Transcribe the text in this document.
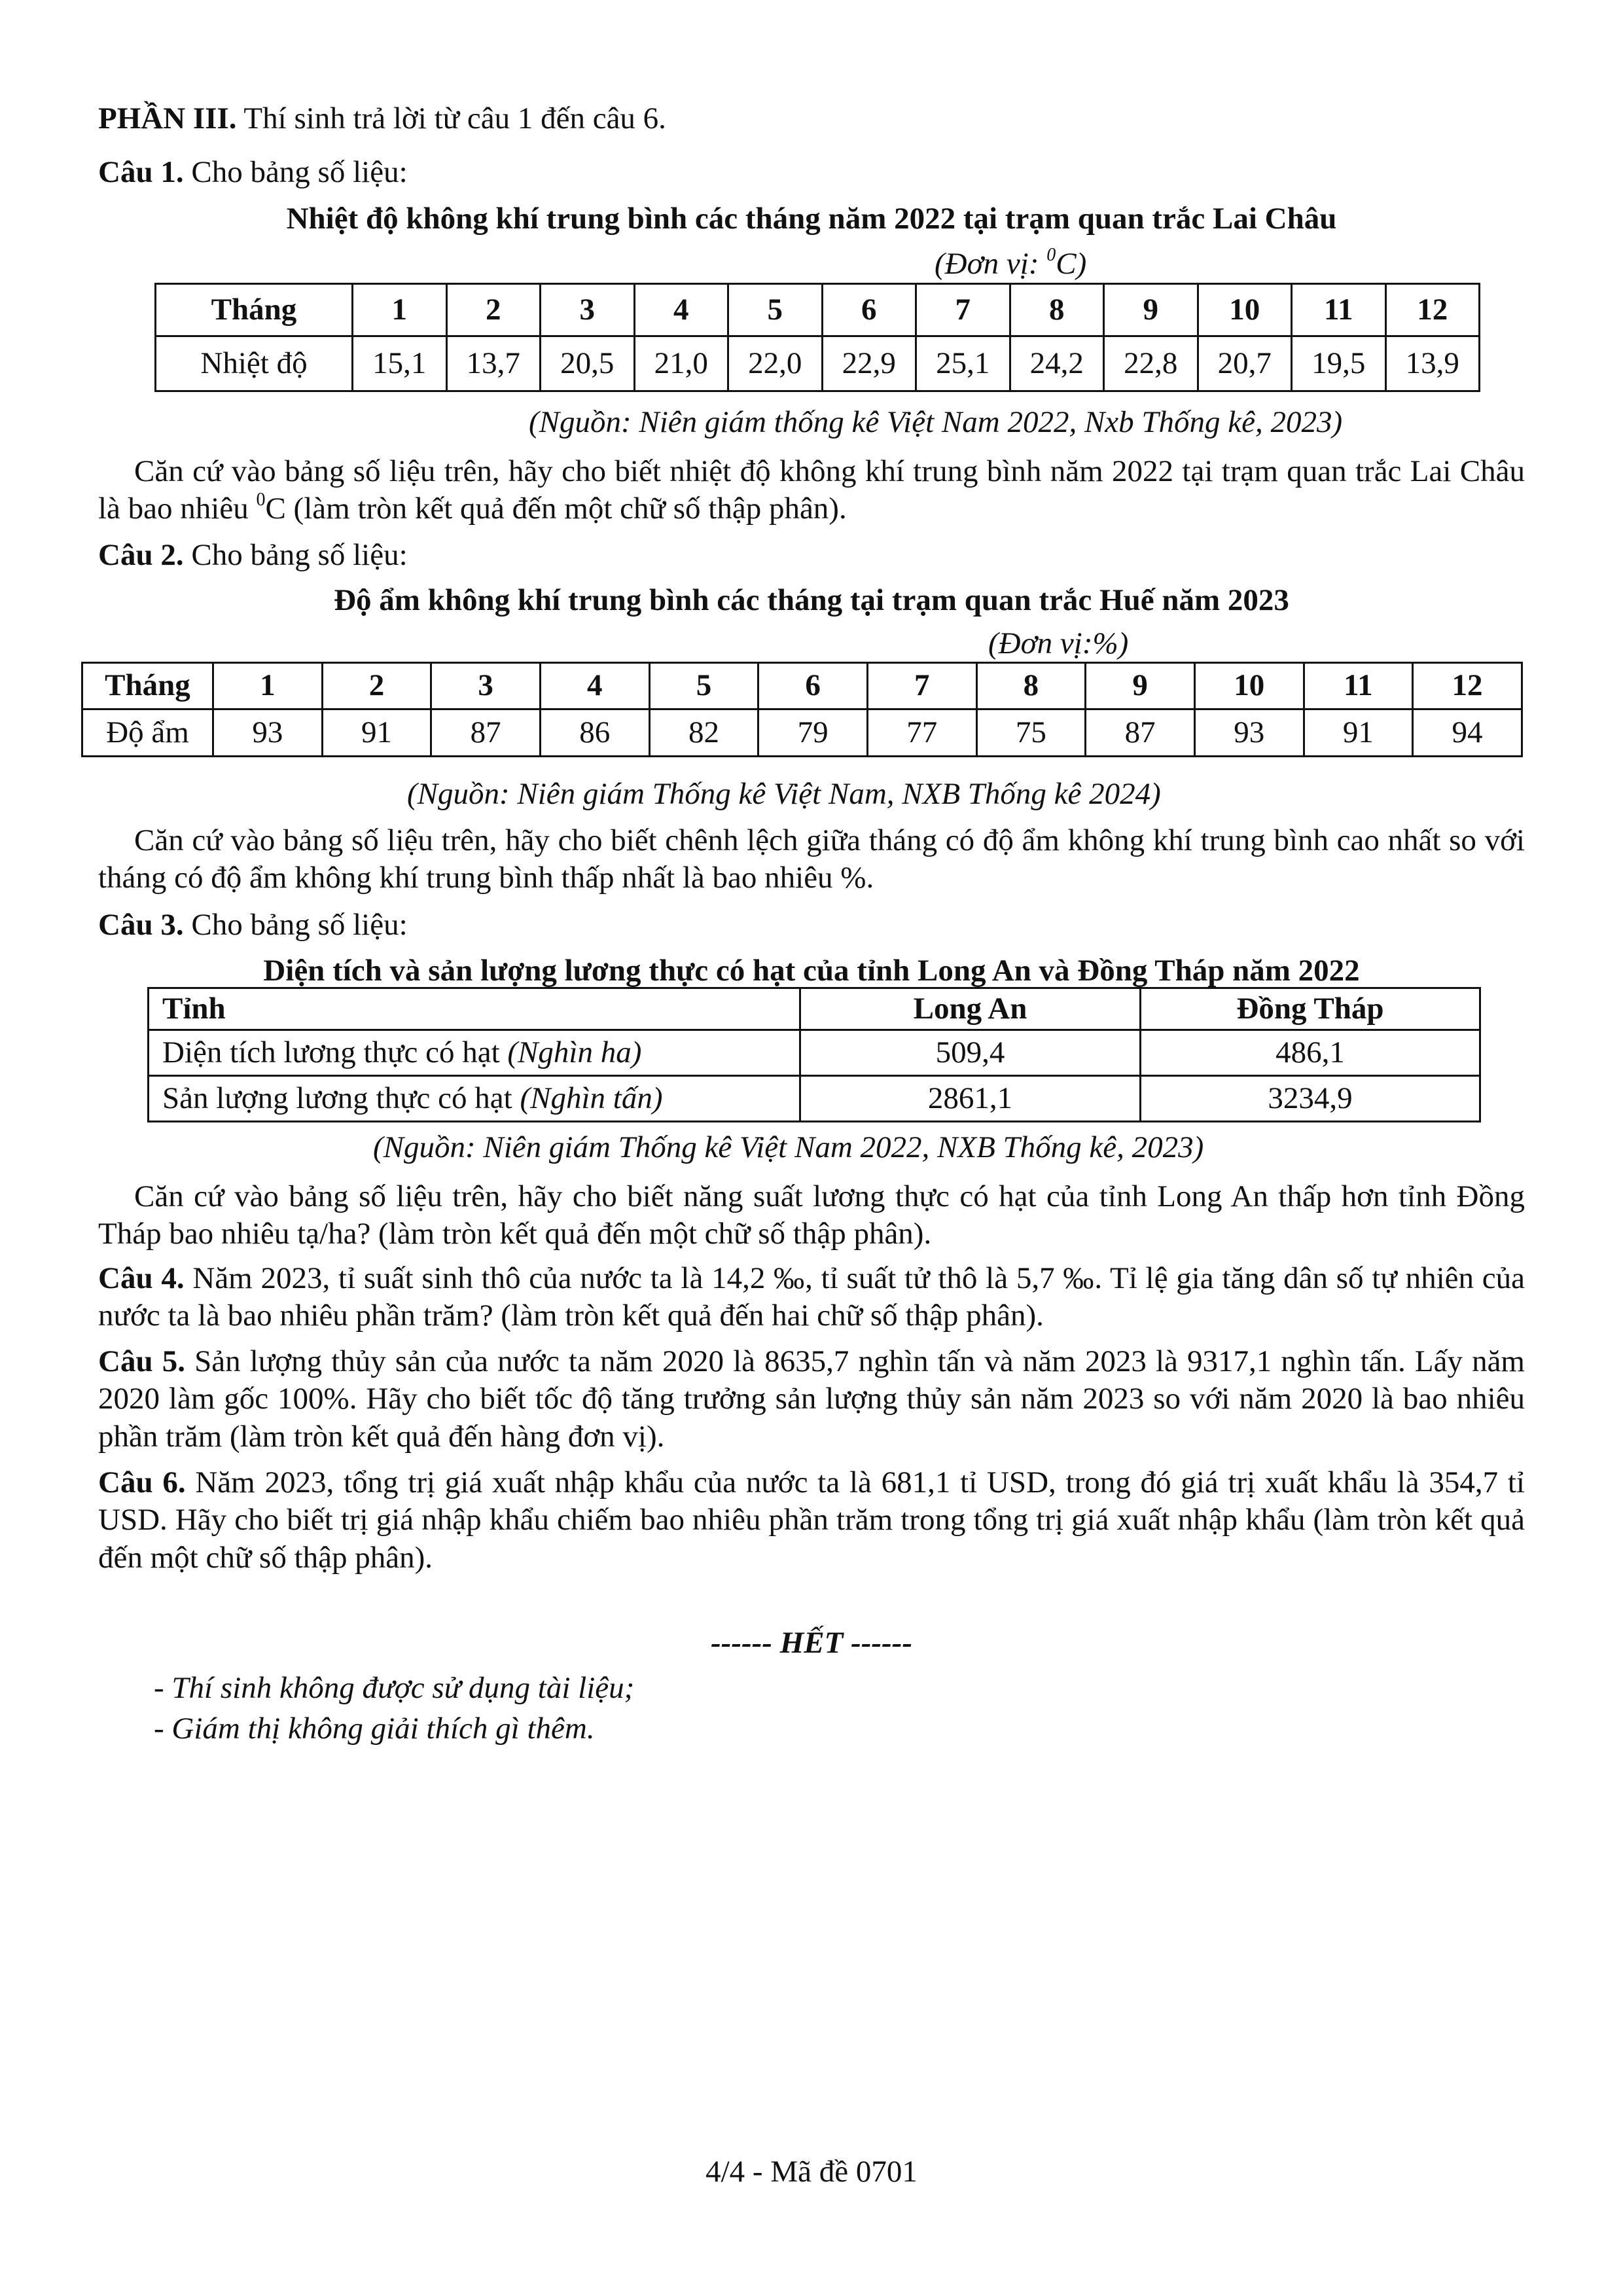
PHẦN III. Thí sinh trả lời từ câu 1 đến câu 6.

Câu 1. Cho bảng số liệu:

Nhiệt độ không khí trung bình các tháng năm 2022 tại trạm quan trắc Lai Châu

(Đơn vị: $^0$C)

Tháng	1	2	3	4	5	6	7	8	9	10	11	12
Nhiệt độ	15,1	13,7	20,5	21,0	22,0	22,9	25,1	24,2	22,8	20,7	19,5	13,9

(Nguồn: Niên giám thống kê Việt Nam 2022, Nxb Thống kê, 2023)

Căn cứ vào bảng số liệu trên, hãy cho biết nhiệt độ không khí trung bình năm 2022 tại trạm quan trắc Lai Châu là bao nhiêu $^0$C (làm tròn kết quả đến một chữ số thập phân).

Câu 2. Cho bảng số liệu:

Độ ẩm không khí trung bình các tháng tại trạm quan trắc Huế năm 2023

(Đơn vị:%)

Tháng	1	2	3	4	5	6	7	8	9	10	11	12
Độ ẩm	93	91	87	86	82	79	77	75	87	93	91	94

(Nguồn: Niên giám Thống kê Việt Nam, NXB Thống kê 2024)

Căn cứ vào bảng số liệu trên, hãy cho biết chênh lệch giữa tháng có độ ẩm không khí trung bình cao nhất so với tháng có độ ẩm không khí trung bình thấp nhất là bao nhiêu %.

Câu 3. Cho bảng số liệu:

Diện tích và sản lượng lương thực có hạt của tỉnh Long An và Đồng Tháp năm 2022

Tỉnh	Long An	Đồng Tháp
Diện tích lương thực có hạt (Nghìn ha)	509,4	486,1
Sản lượng lương thực có hạt (Nghìn tấn)	2861,1	3234,9

(Nguồn: Niên giám Thống kê Việt Nam 2022, NXB Thống kê, 2023)

Căn cứ vào bảng số liệu trên, hãy cho biết năng suất lương thực có hạt của tỉnh Long An thấp hơn tỉnh Đồng Tháp bao nhiêu tạ/ha? (làm tròn kết quả đến một chữ số thập phân).

Câu 4. Năm 2023, tỉ suất sinh thô của nước ta là 14,2 ‰, tỉ suất tử thô là 5,7 ‰. Tỉ lệ gia tăng dân số tự nhiên của nước ta là bao nhiêu phần trăm? (làm tròn kết quả đến hai chữ số thập phân).

Câu 5. Sản lượng thủy sản của nước ta năm 2020 là 8635,7 nghìn tấn và năm 2023 là 9317,1 nghìn tấn. Lấy năm 2020 làm gốc 100%. Hãy cho biết tốc độ tăng trưởng sản lượng thủy sản năm 2023 so với năm 2020 là bao nhiêu phần trăm (làm tròn kết quả đến hàng đơn vị).

Câu 6. Năm 2023, tổng trị giá xuất nhập khẩu của nước ta là 681,1 tỉ USD, trong đó giá trị xuất khẩu là 354,7 tỉ USD. Hãy cho biết trị giá nhập khẩu chiếm bao nhiêu phần trăm trong tổng trị giá xuất nhập khẩu (làm tròn kết quả đến một chữ số thập phân).

------ HẾT ------

- Thí sinh không được sử dụng tài liệu;

- Giám thị không giải thích gì thêm.

4/4 - Mã đề 0701
